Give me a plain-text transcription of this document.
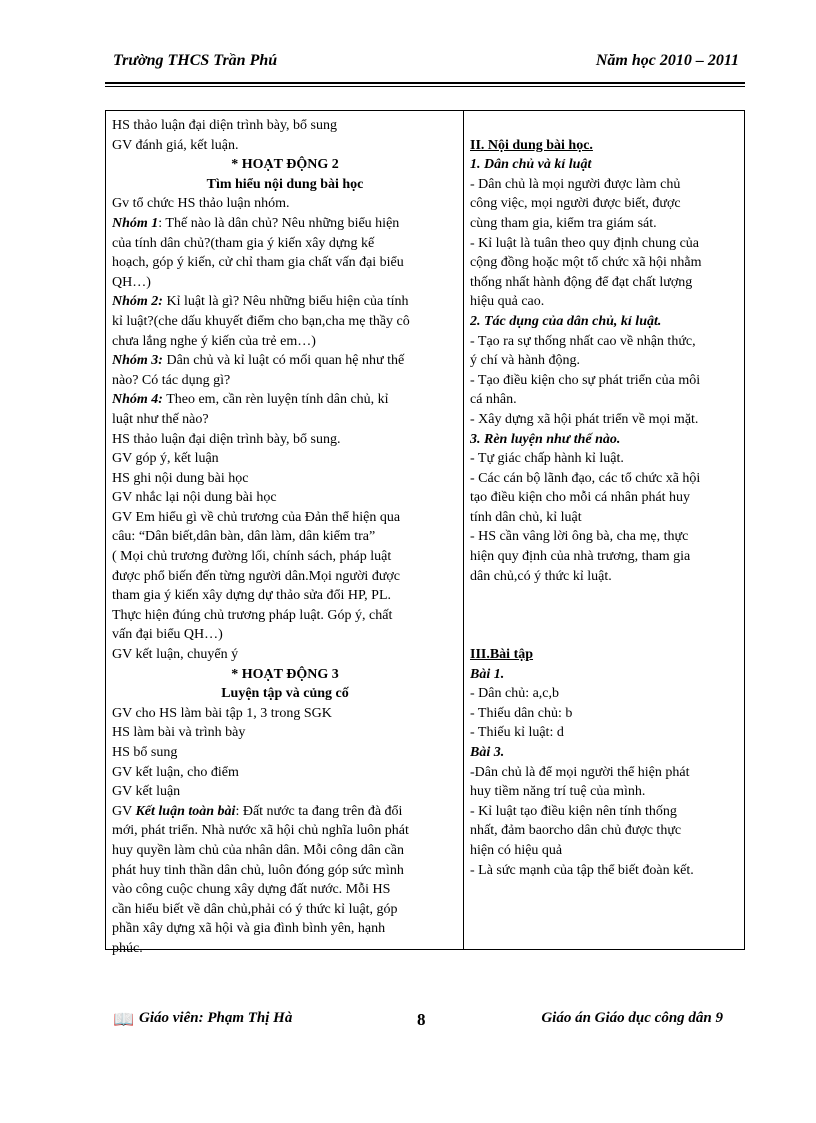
Trường THCS Trần Phú	Năm học 2010 – 2011
HS thảo luận đại diện trình bày, bổ sung
GV đánh giá, kết luận.
* HOẠT ĐỘNG 2
Tìm hiểu nội dung bài học
Gv tổ chức HS thảo luận nhóm.
Nhóm 1: Thế nào là dân chủ? Nêu những biểu hiện
của tính dân chủ?(tham gia ý kiến xây dựng kế
hoạch, góp ý kiến, cử chỉ tham gia chất vấn đại biểu
QH…)
Nhóm 2: Kỉ luật là gì? Nêu những biểu hiện của tính
kỉ luật?(che dấu khuyết điểm cho bạn,cha mẹ thầy cô
chưa lắng nghe ý kiến của trẻ em…)
Nhóm 3: Dân chủ và kỉ luật có mối quan hệ như thế
nào? Có tác dụng gì?
Nhóm 4: Theo em, cần rèn luyện tính dân chủ, kỉ
luật như thế nào?
HS thảo luận đại diện trình bày, bổ sung.
GV góp ý, kết luận
HS ghi nội dung bài học
GV nhắc lại nội dung bài học
GV Em hiểu gì về chủ trương của Đản thể hiện qua
câu: “Dân biết,dân bàn, dân làm, dân kiểm tra”
( Mọi chủ trương đường lối, chính sách, pháp luật
được phổ biến đến từng người dân.Mọi người được
tham gia ý kiến xây dựng dự thảo sửa đổi HP, PL.
Thực hiện đúng chủ trương pháp luật. Góp ý, chất
vấn đại biểu QH…)
GV kết luận, chuyển ý
* HOẠT ĐỘNG 3
Luyện tập và củng cố
GV cho HS làm bài tập 1, 3 trong SGK
HS làm bài và trình bày
HS bổ sung
GV kết luận, cho điểm
GV kết luận
GV Kết luận toàn bài: Đất nước ta đang trên đà đổi
mới, phát triển. Nhà nước xã hội chủ nghĩa luôn phát
huy quyền làm chủ của nhân dân. Mỗi công dân cần
phát huy tinh thần dân chủ, luôn đóng góp sức mình
vào công cuộc chung xây dựng đất nước. Mỗi HS
cần hiểu biết về dân chủ,phải có ý thức kỉ luật, góp
phần xây dựng xã hội và gia đình bình yên, hạnh
phúc.
II. Nội dung bài học.
1. Dân chủ và kỉ luật
- Dân chủ là mọi người được làm chủ
công việc, mọi người được biết, được
cùng tham gia, kiểm tra giám sát.
- Kỉ luật là tuân theo quy định chung của
cộng đồng hoặc một tổ chức xã hội nhằm
thống nhất hành động để đạt chất lượng
hiệu quả cao.
2. Tác dụng của dân chủ, kỉ luật.
- Tạo ra sự thống nhất cao về nhận thức,
ý chí và hành động.
- Tạo điều kiện cho sự phát triển của môi
cá nhân.
- Xây dựng xã hội phát triển về mọi mặt.
3. Rèn luyện như thế nào.
- Tự giác chấp hành kỉ luật.
- Các cán bộ lãnh đạo, các tổ chức xã hội
tạo điều kiện cho mỗi cá nhân phát huy
tính dân chủ, kỉ luật
- HS cần vâng lời ông bà, cha mẹ, thực
hiện quy định của nhà trương, tham gia
dân chủ,có ý thức kỉ luật.
III.Bài tập
Bài 1.
- Dân chủ: a,c,b
- Thiếu dân chủ: b
- Thiếu kỉ luật: d
Bài 3.
-Dân chủ là để mọi người thể hiện phát
huy tiềm năng trí tuệ của mình.
- Kỉ luật tạo điều kiện nên tính thống
nhất, đảm baorcho dân chủ được thực
hiện có hiệu quả
- Là sức mạnh của tập thể biết đoàn kết.
📖 Giáo viên: Phạm Thị Hà	8	Giáo án Giáo dục công dân 9
